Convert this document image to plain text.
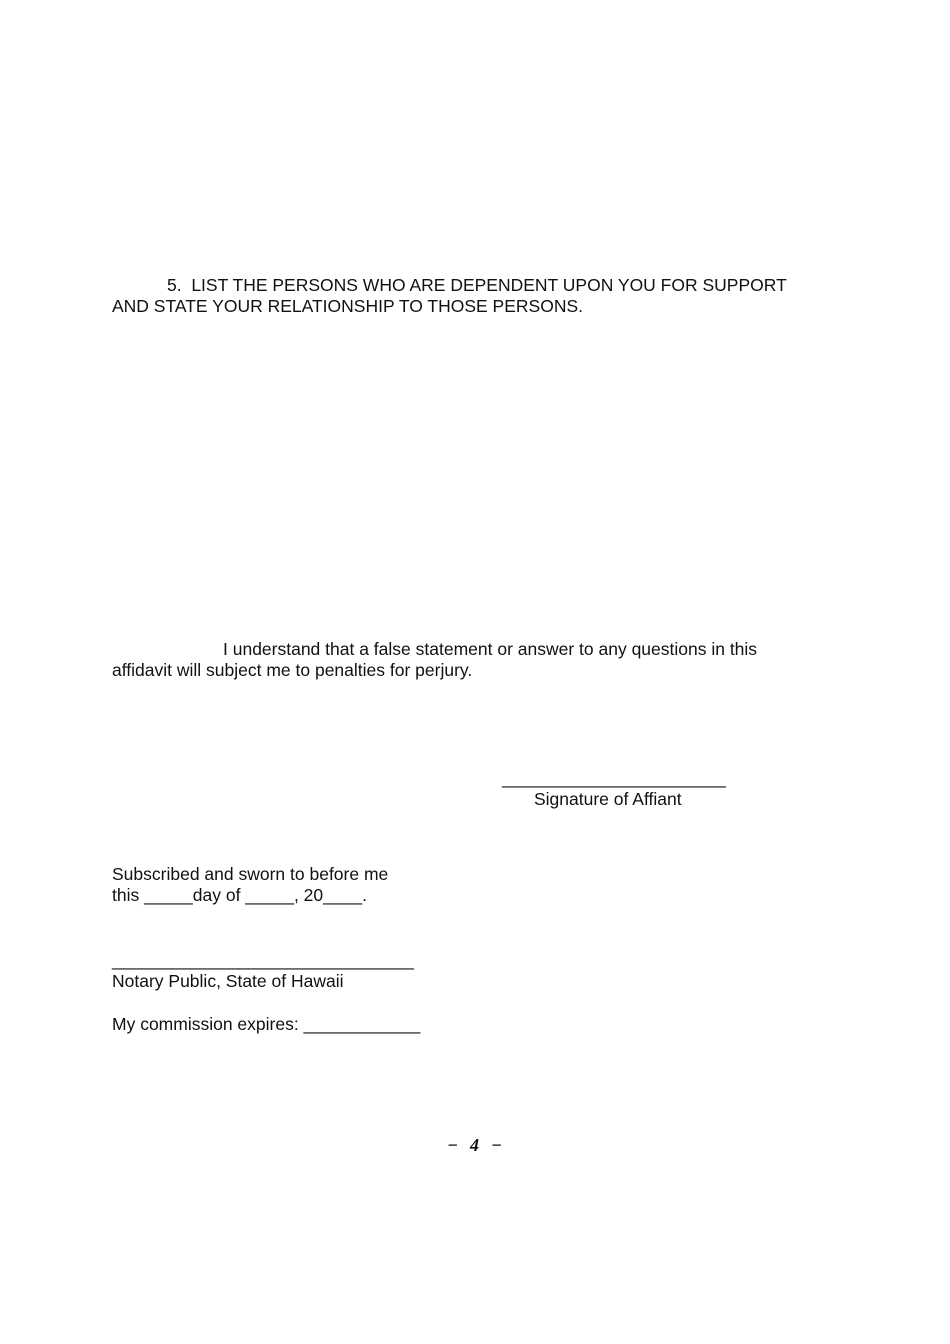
5.  LIST THE PERSONS WHO ARE DEPENDENT UPON YOU FOR SUPPORT
AND STATE YOUR RELATIONSHIP TO THOSE PERSONS.
I understand that a false statement or answer to any questions in this
affidavit will subject me to penalties for perjury.
_______________________
Signature of Affiant
Subscribed and sworn to before me
this _____day of _____, 20____.
_______________________________
Notary Public, State of Hawaii
My commission expires: ____________
−  4  −
